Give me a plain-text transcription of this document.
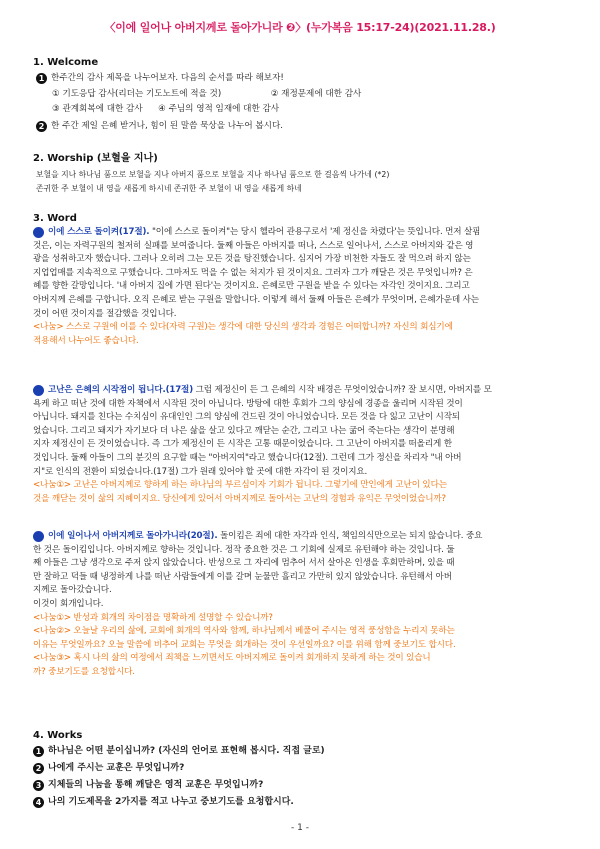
〈이에 일어나 아버지께로 돌아가니라 ❷〉(누가복음 15:17-24)(2021.11.28.)
1. Welcome
1 한주간의 감사 제목을 나누어보자. 다음의 순서를 따라 해보자!
① 기도응답 감사(리더는 기도노트에 적을 것)	② 재정문제에 대한 감사
③ 관계회복에 대한 감사 ④ 주님의 영적 임재에 대한 감사
2 한 주간 제일 은혜 받거나, 힘이 된 말씀 묵상을 나누어 봅시다.
2. Worship (보혈을 지나)
보혈을 지나 하나님 품으로 보혈을 지나 아버지 품으로 보혈을 지나 하나님 품으로 한 걸음씩 나가네 (*2)
존귀한 주 보혈이 내 영을 새롭게 하시네 존귀한 주 보혈이 내 영을 새롭게 하네
3. Word
1 이에 스스로 돌이켜(17절). "이에 스스로 돌이켜"는 당시 헬라어 관용구로서 '제 정신을 차렸다'는 뜻입니다. 먼저 살핌
것은, 이는 자력구원의 철저히 실패를 보여줍니다. 둘째 아들은 아버지를 떠나, 스스로 일어나서, 스스로 아버지와 같은 영
광을 성취하고자 했습니다. 그러나 오히려 그는 모든 것을 탕진했습니다. 심지어 가장 비천한 자들도 잘 먹으려 하지 않는
지업업매를 지속적으로 구했습니다. 그마저도 먹을 수 없는 처지가 된 것이지요. 그러자 그가 깨달은 것은 무엇입니까? 은
혜를 향한 갈망입니다. '내 아버지 집에 가면 된다'는 것이지요. 은혜로만 구원을 받을 수 있다는 자각인 것이지요. 그리고
아버지께 은혜를 구합니다. 오직 은혜로 받는 구원을 말합니다. 이렇게 해서 둘째 아들은 은혜가 무엇이며, 은혜가운데 사는
것이 어떤 것이지를 절감했을 것입니다.
<나눔> 스스로 구원에 이를 수 있다(자력 구원)는 생각에 대한 당신의 생각과 경험은 어떠합니까? 자신의 회심기에
적용해서 나누어도 좋습니다.
2 고난은 은혜의 시작점이 됩니다.(17절) 그럼 제정신이 든 그 은혜의 시작 배경은 무엇이었습니까? 잘 보시면, 아버지를 모
욕케 하고 떠난 것에 대한 자책에서 시작된 것이 아닙니다. 방탕에 대한 후회가 그의 양심에 경종을 울리며 시작된 것이
아닙니다. 돼지를 친다는 수치심이 유대인인 그의 양심에 건드린 것이 아니었습니다. 모든 것을 다 잃고 고난이 시작되
었습니다. 그리고 돼지가 자기보다 더 나은 삶을 살고 있다고 깨닫는 순간, 그리고 나는 굶어 죽는다는 생각이 분명해
지자 제정신이 든 것이었습니다. 즉 그가 제정신이 든 시작은 고통 때문이었습니다. 그 고난이 아버지를 떠올리게 한
것입니다. 둘째 아들이 그의 분깃의 요구할 때는 "아버지여"라고 했습니다(12절). 그런데 그가 정신을 차리자 "내 아버
지"로 인식의 전환이 되었습니다.(17절) 그가 원래 있어야 할 곳에 대한 자각이 된 것이지요.
<나눔①> 고난은 아버지께로 향하게 하는 하나님의 부르심이자 기회가 됩니다. 그렇기에 만인에게 고난이 있다는
것을 깨닫는 것이 삶의 지혜이지요. 당신에게 있어서 아버지께로 돌아서는 고난의 경험과 유익은 무엇이었습니까?
3 이에 일어나서 아버지께로 돌아가니라(20절). 돌이킴은 죄에 대한 자각과 인식, 책임의식만으로는 되지 않습니다. 중요
한 것은 돌이킴입니다. 아버지께로 향하는 것입니다. 정작 중요한 것은 그 기회에 실제로 유턴해야 하는 것입니다. 둘
째 아들은 그냥 생각으로 주저 앉지 않았습니다. 반성으로 그 자리에 멈추어 서서 살아온 인생을 후회만하며, 있을 때
만 잘하고 덕들 때 냉정하게 나를 떠난 사람들에게 이를 갈며 눈물만 흘리고 가만히 있지 않았습니다. 유턴해서 아버
지께로 돌아갔습니다.
이것이 회개입니다.
<나눔①> 반성과 회개의 차이점을 명확하게 설명할 수 있습니까?
<나눔②> 오늘날 우리의 삶에, 교회에 회개의 역사와 함께, 하나님께서 베풀어 주시는 영적 풍성함을 누리지 못하는
이유는 무엇일까요? 오늘 말씀에 비추어 교회는 무엇을 회개하는 것이 우선일까요? 이를 위해 함께 중보기도 합시다.
<나눔③> 혹시 나의 삶의 여정에서 죄책을 느끼면서도 아버지께로 돌이켜 회개하지 못하게 하는 것이 있습니
까? 중보기도를 요청합시다.
4. Works
1 하나님은 어떤 분이십니까? (자신의 언어로 표현해 봅시다. 직접 글로)
2 나에게 주시는 교훈은 무엇입니까?
3 지체들의 나눔을 통해 깨달은 영적 교훈은 무엇입니까?
4 나의 기도제목을 2가지를 적고 나누고 중보기도를 요청합시다.
- 1 -
